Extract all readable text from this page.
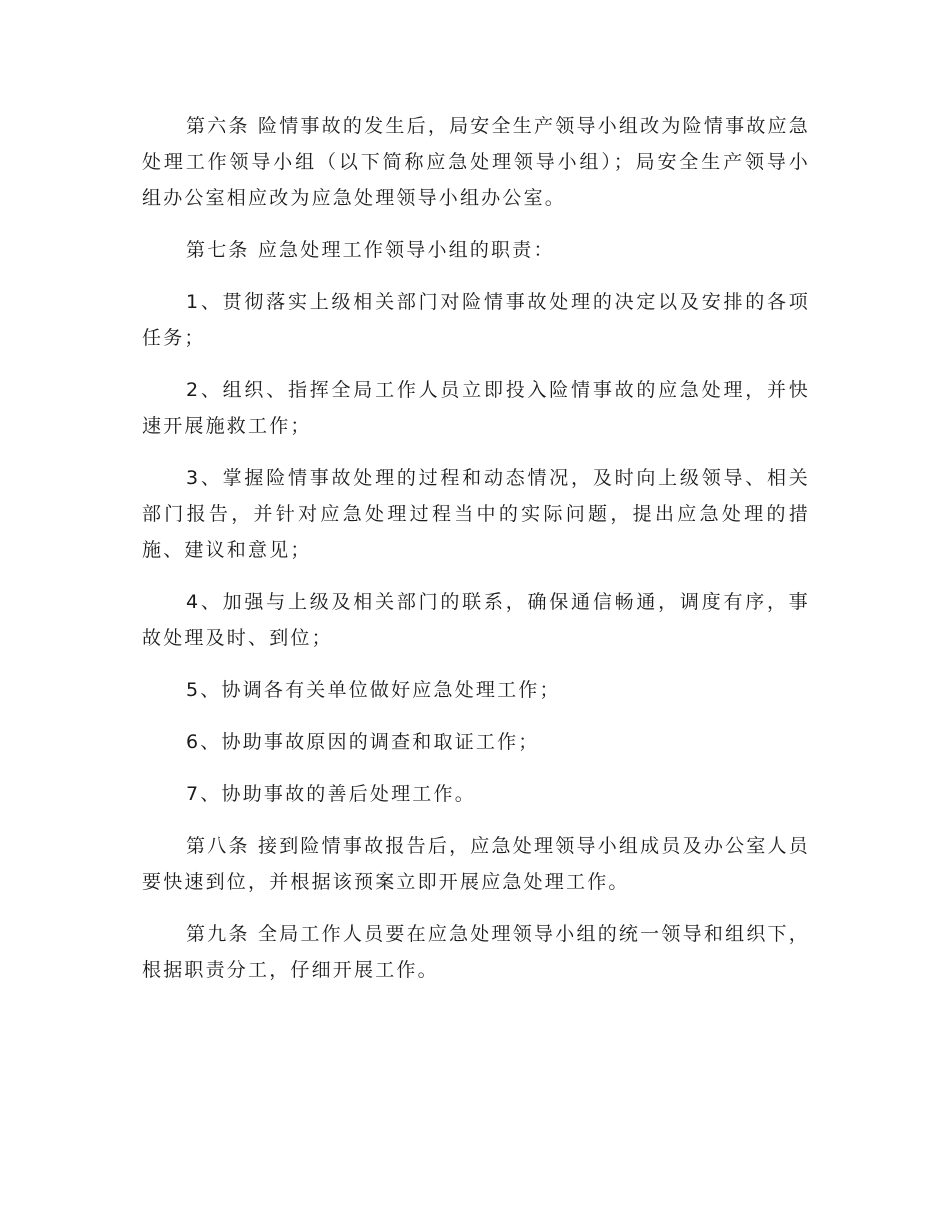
第六条 险情事故的发生后，局安全生产领导小组改为险情事故应急处理工作领导小组（以下简称应急处理领导小组）；局安全生产领导小组办公室相应改为应急处理领导小组办公室。

第七条 应急处理工作领导小组的职责：

1、贯彻落实上级相关部门对险情事故处理的决定以及安排的各项任务；

2、组织、指挥全局工作人员立即投入险情事故的应急处理，并快速开展施救工作；

3、掌握险情事故处理的过程和动态情况，及时向上级领导、相关部门报告，并针对应急处理过程当中的实际问题，提出应急处理的措施、建议和意见；

4、加强与上级及相关部门的联系，确保通信畅通，调度有序，事故处理及时、到位；

5、协调各有关单位做好应急处理工作；

6、协助事故原因的调查和取证工作；

7、协助事故的善后处理工作。

第八条 接到险情事故报告后，应急处理领导小组成员及办公室人员要快速到位，并根据该预案立即开展应急处理工作。

第九条 全局工作人员要在应急处理领导小组的统一领导和组织下，根据职责分工，仔细开展工作。
